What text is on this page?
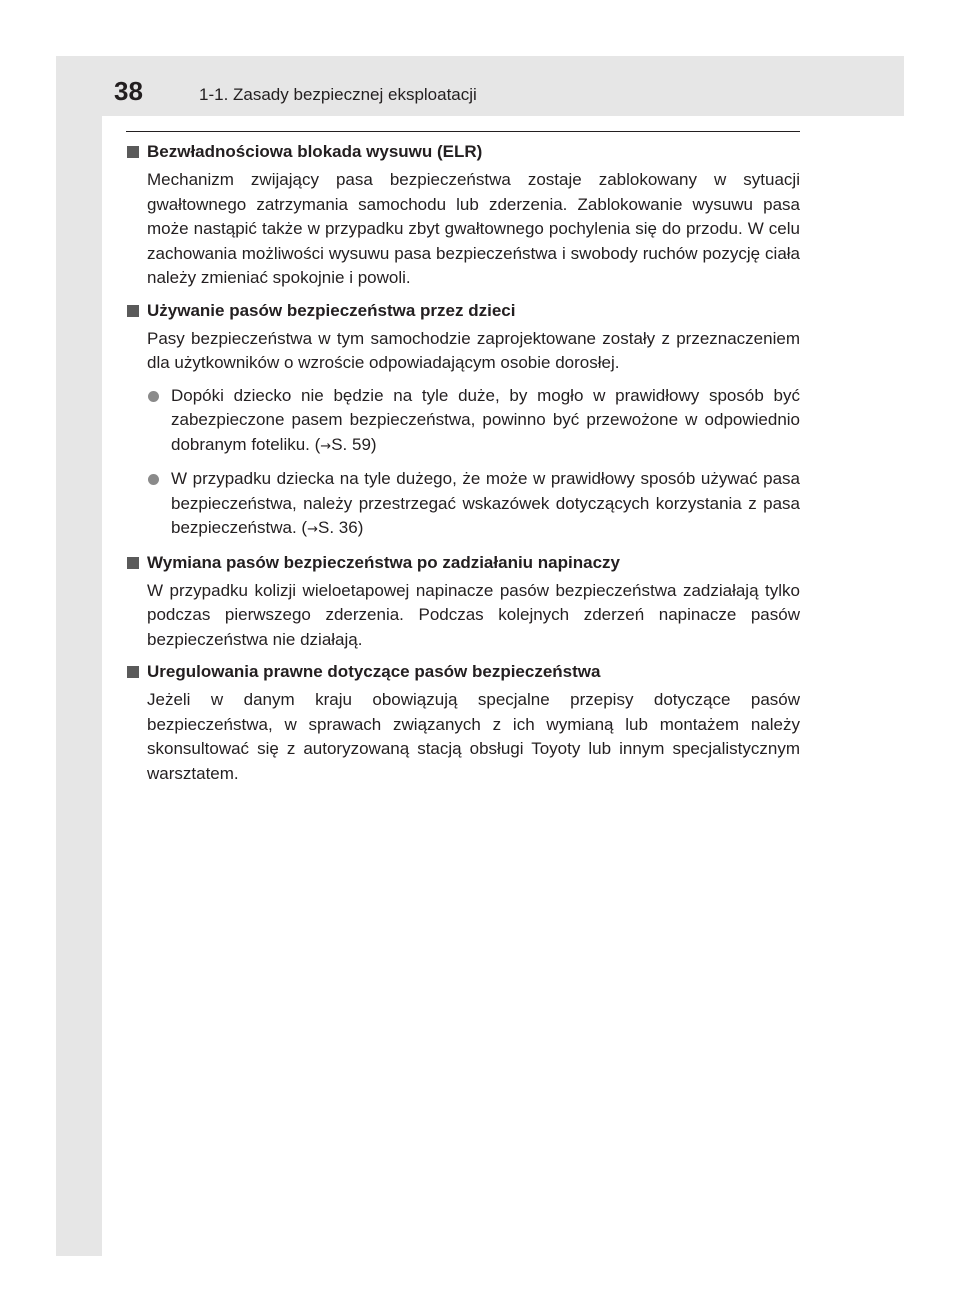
38	1-1. Zasady bezpiecznej eksploatacji
Bezwładnościowa blokada wysuwu (ELR)

Mechanizm zwijający pasa bezpieczeństwa zostaje zablokowany w sytuacji gwałtownego zatrzymania samochodu lub zderzenia. Zablokowanie wysuwu pasa może nastąpić także w przypadku zbyt gwałtownego pochylenia się do przodu. W celu zachowania możliwości wysuwu pasa bezpieczeństwa i swobody ruchów pozycję ciała należy zmieniać spokojnie i powoli.

Używanie pasów bezpieczeństwa przez dzieci

Pasy bezpieczeństwa w tym samochodzie zaprojektowane zostały z przeznaczeniem dla użytkowników o wzroście odpowiadającym osobie dorosłej.

Dopóki dziecko nie będzie na tyle duże, by mogło w prawidłowy sposób być zabezpieczone pasem bezpieczeństwa, powinno być przewożone w odpowiednio dobranym foteliku. (→S. 59)
W przypadku dziecka na tyle dużego, że może w prawidłowy sposób używać pasa bezpieczeństwa, należy przestrzegać wskazówek dotyczących korzystania z pasa bezpieczeństwa. (→S. 36)
Wymiana pasów bezpieczeństwa po zadziałaniu napinaczy

W przypadku kolizji wieloetapowej napinacze pasów bezpieczeństwa zadziałają tylko podczas pierwszego zderzenia. Podczas kolejnych zderzeń napinacze pasów bezpieczeństwa nie działają.

Uregulowania prawne dotyczące pasów bezpieczeństwa

Jeżeli w danym kraju obowiązują specjalne przepisy dotyczące pasów bezpieczeństwa, w sprawach związanych z ich wymianą lub montażem należy skonsultować się z autoryzowaną stacją obsługi Toyoty lub innym specjalistycznym warsztatem.
